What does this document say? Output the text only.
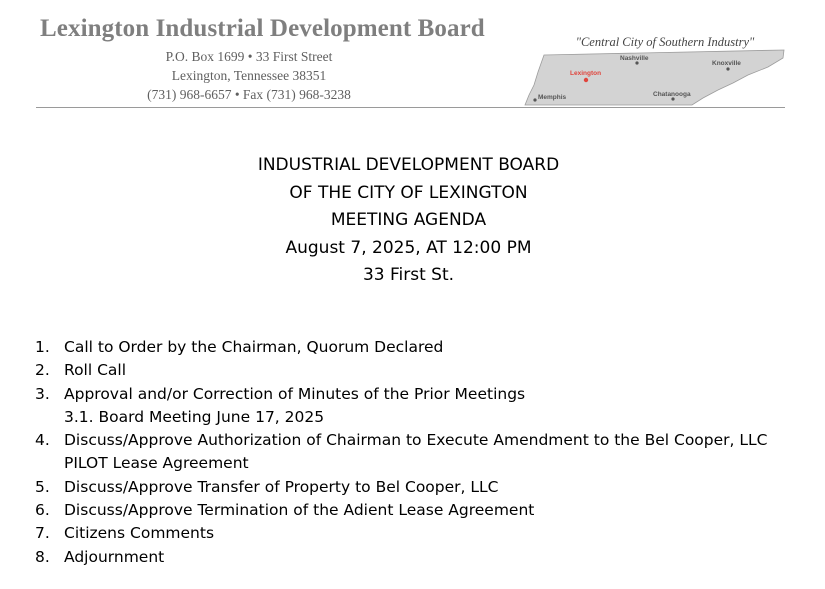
Lexington Industrial Development Board
P.O. Box 1699 • 33 First Street
Lexington, Tennessee 38351
(731) 968-6657 • Fax (731) 968-3238
"Central City of Southern Industry"
Nashville
Knoxville
Lexington
Memphis	Chatanooga
INDUSTRIAL DEVELOPMENT BOARD
OF THE CITY OF LEXINGTON
MEETING AGENDA
August 7, 2025, AT 12:00 PM
33 First St.
1. Call to Order by the Chairman, Quorum Declared
2. Roll Call
3. Approval and/or Correction of Minutes of the Prior Meetings
3.1. Board Meeting June 17, 2025
4. Discuss/Approve Authorization of Chairman to Execute Amendment to the Bel Cooper, LLC
PILOT Lease Agreement
5. Discuss/Approve Transfer of Property to Bel Cooper, LLC
6. Discuss/Approve Termination of the Adient Lease Agreement
7. Citizens Comments
8. Adjournment
